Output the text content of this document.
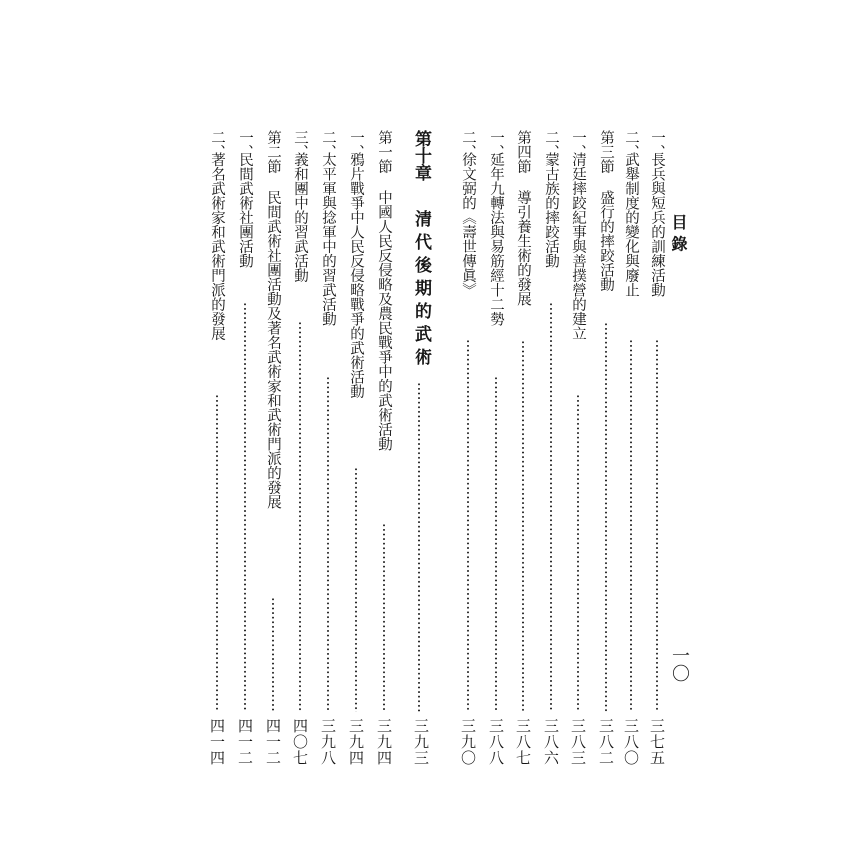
目 錄
一〇
一、
長兵與短兵的訓練活動
三七五
二、
武舉制度的變化與廢止
三八〇
第三節
盛行的摔跤活動
三八二
一、
清廷摔跤紀事與善撲營的建立
三八三
二、
蒙古族的摔跤活動
三八六
第四節
導引養生術的發展
三八七
一、
延年九轉法與易筋經十二勢
三八八
二、
徐文弼的《壽世傳眞》
三九〇
第十章
清代後期的武術
三九三
第一節
中國人民反侵略及農民戰爭中的武術活動
三九四
一、
鴉片戰爭中人民反侵略戰爭的武術活動
三九四
二、
太平軍與捻軍中的習武活動
三九八
三、
義和團中的習武活動
四〇七
第二節
民間武術社團活動及著名武術家和武術門派的發展
四一二
一、
民間武術社團活動
四一二
二、
著名武術家和武術門派的發展
四一四
